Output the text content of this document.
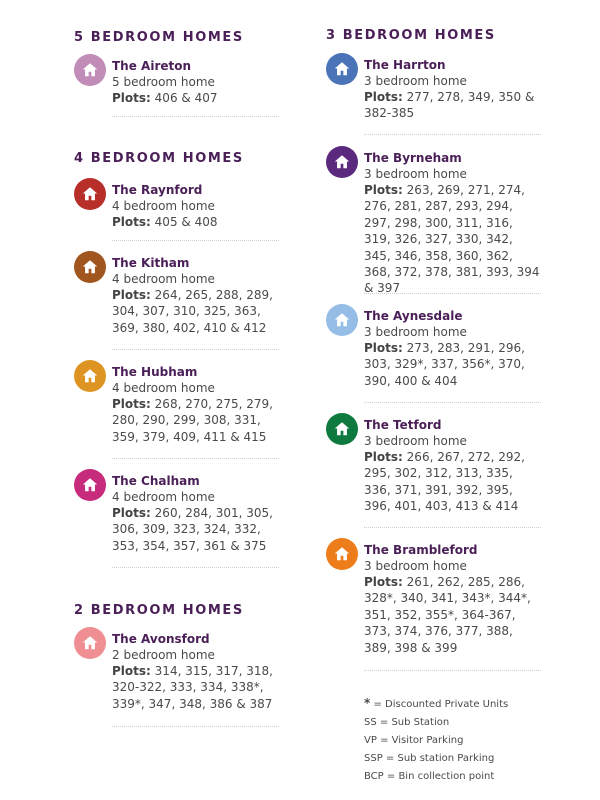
5 BEDROOM HOMES
The Aireton
5 bedroom home
Plots: 406 & 407
4 BEDROOM HOMES
The Raynford
4 bedroom home
Plots: 405 & 408
The Kitham
4 bedroom home
Plots: 264, 265, 288, 289, 304, 307, 310, 325, 363, 369, 380, 402, 410 & 412
The Hubham
4 bedroom home
Plots: 268, 270, 275, 279, 280, 290, 299, 308, 331, 359, 379, 409, 411 & 415
The Chalham
4 bedroom home
Plots: 260, 284, 301, 305, 306, 309, 323, 324, 332, 353, 354, 357, 361 & 375
2 BEDROOM HOMES
The Avonsford
2 bedroom home
Plots: 314, 315, 317, 318, 320-322, 333, 334, 338*, 339*, 347, 348, 386 & 387
3 BEDROOM HOMES
The Harrton
3 bedroom home
Plots: 277, 278, 349, 350 & 382-385
The Byrneham
3 bedroom home
Plots: 263, 269, 271, 274, 276, 281, 287, 293, 294, 297, 298, 300, 311, 316, 319, 326, 327, 330, 342, 345, 346, 358, 360, 362, 368, 372, 378, 381, 393, 394 & 397
The Aynesdale
3 bedroom home
Plots: 273, 283, 291, 296, 303, 329*, 337, 356*, 370, 390, 400 & 404
The Tetford
3 bedroom home
Plots: 266, 267, 272, 292, 295, 302, 312, 313, 335, 336, 371, 391, 392, 395, 396, 401, 403, 413 & 414
The Brambleford
3 bedroom home
Plots: 261, 262, 285, 286, 328*, 340, 341, 343*, 344*, 351, 352, 355*, 364-367, 373, 374, 376, 377, 388, 389, 398 & 399
* = Discounted Private Units
SS = Sub Station
VP = Visitor Parking
SSP = Sub station Parking
BCP = Bin collection point
